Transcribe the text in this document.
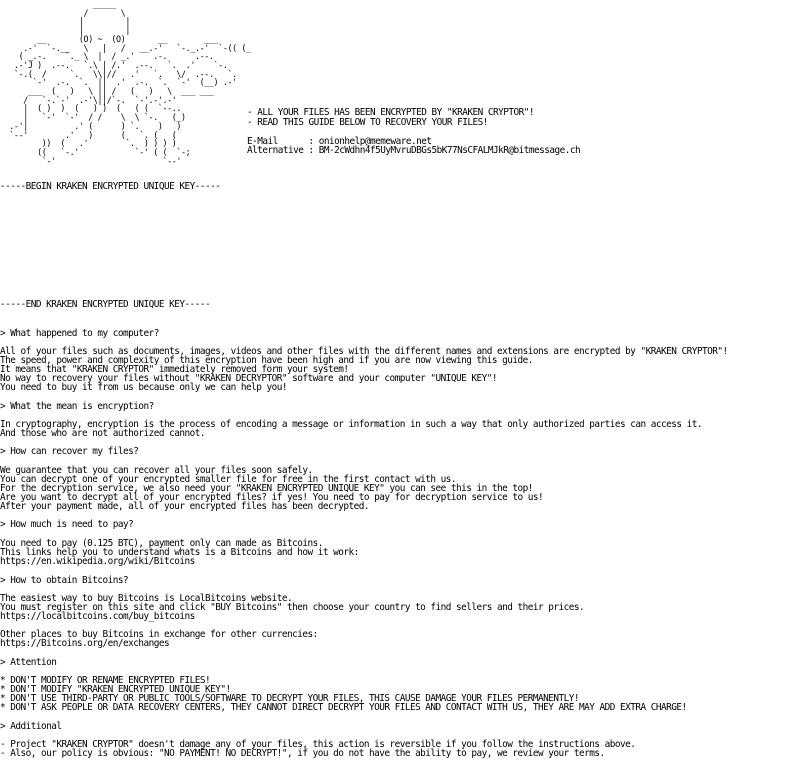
_____
/       \
|         |
|         |
__       (O) ~  (O)       __        ___
.-'  `-.__   \   |   /   __.-'   `-._.-'  `-(( (_
( _.-.    `._ \  |  / _.'    .-.      .--.
.-'J )  .--.   `.\ | /.'  .--.   `.  .'    `-.
`-.(  /     `.   \\|//   .'   `.   \/  .--.   `.
`-'  .-.  `.  ||  .'  .-.  `.  `-'  (__) .-'
___  (   )   \ || /   (   )   \  ___ ___
/   `-.`-'  .-'\||/`-.  `-'.-'.-'
|  ( )  )  (   ) )  (   ( (  `--..
|   `-'  `-'  / /    \  \ `-.   (_)
.-'|          .' (      ) `.    )   )
`--'        .'   )      (   `. (   (
))  (   .'        `.  ) ) ) )
((   `-.'            `-' ( (  `-;
`-'                       `--'
- ALL YOUR FILES HAS BEEN ENCRYPTED BY "KRAKEN CRYPTOR"!
- READ THIS GUIDE BELOW TO RECOVERY YOUR FILES!
E-Mail      : onionhelp@memeware.net
Alternative : BM-2cWdhn4f5UyMvruDBGs5bK77NsCFALMJkR@bitmessage.ch
-----BEGIN KRAKEN ENCRYPTED UNIQUE KEY-----
-----END KRAKEN ENCRYPTED UNIQUE KEY-----
> What happened to my computer?
All of your files such as documents, images, videos and other files with the different names and extensions are encrypted by "KRAKEN CRYPTOR"!
The speed, power and complexity of this encryption have been high and if you are now viewing this guide.
It means that "KRAKEN CRYPTOR" immediately removed form your system!
No way to recovery your files without "KRAKEN DECRYPTOR" software and your computer "UNIQUE KEY"!
You need to buy it from us because only we can help you!
> What the mean is encryption?
In cryptography, encryption is the process of encoding a message or information in such a way that only authorized parties can access it.
And those who are not authorized cannot.
> How can recover my files?
We guarantee that you can recover all your files soon safely.
You can decrypt one of your encrypted smaller file for free in the first contact with us.
For the decryption service, we also need your "KRAKEN ENCRYPTED UNIQUE KEY" you can see this in the top!
Are you want to decrypt all of your encrypted files? if yes! You need to pay for decryption service to us!
After your payment made, all of your encrypted files has been decrypted.
> How much is need to pay?
You need to pay (0.125 BTC), payment only can made as Bitcoins.
This links help you to understand whats is a Bitcoins and how it work:
https://en.wikipedia.org/wiki/Bitcoins
> How to obtain Bitcoins?
The easiest way to buy Bitcoins is LocalBitcoins website.
You must register on this site and click "BUY Bitcoins" then choose your country to find sellers and their prices.
https://localbitcoins.com/buy_bitcoins
Other places to buy Bitcoins in exchange for other currencies:
https://Bitcoins.org/en/exchanges
> Attention
* DON'T MODIFY OR RENAME ENCRYPTED FILES!
* DON'T MODIFY "KRAKEN ENCRYPTED UNIQUE KEY"!
* DON'T USE THIRD-PARTY OR PUBLIC TOOLS/SOFTWARE TO DECRYPT YOUR FILES, THIS CAUSE DAMAGE YOUR FILES PERMANENTLY!
* DON'T ASK PEOPLE OR DATA RECOVERY CENTERS, THEY CANNOT DIRECT DECRYPT YOUR FILES AND CONTACT WITH US, THEY ARE MAY ADD EXTRA CHARGE!
> Additional
- Project "KRAKEN CRYPTOR" doesn't damage any of your files, this action is reversible if you follow the instructions above.
- Also, our policy is obvious: "NO PAYMENT! NO DECRYPT!", if you do not have the ability to pay, we review your terms.
